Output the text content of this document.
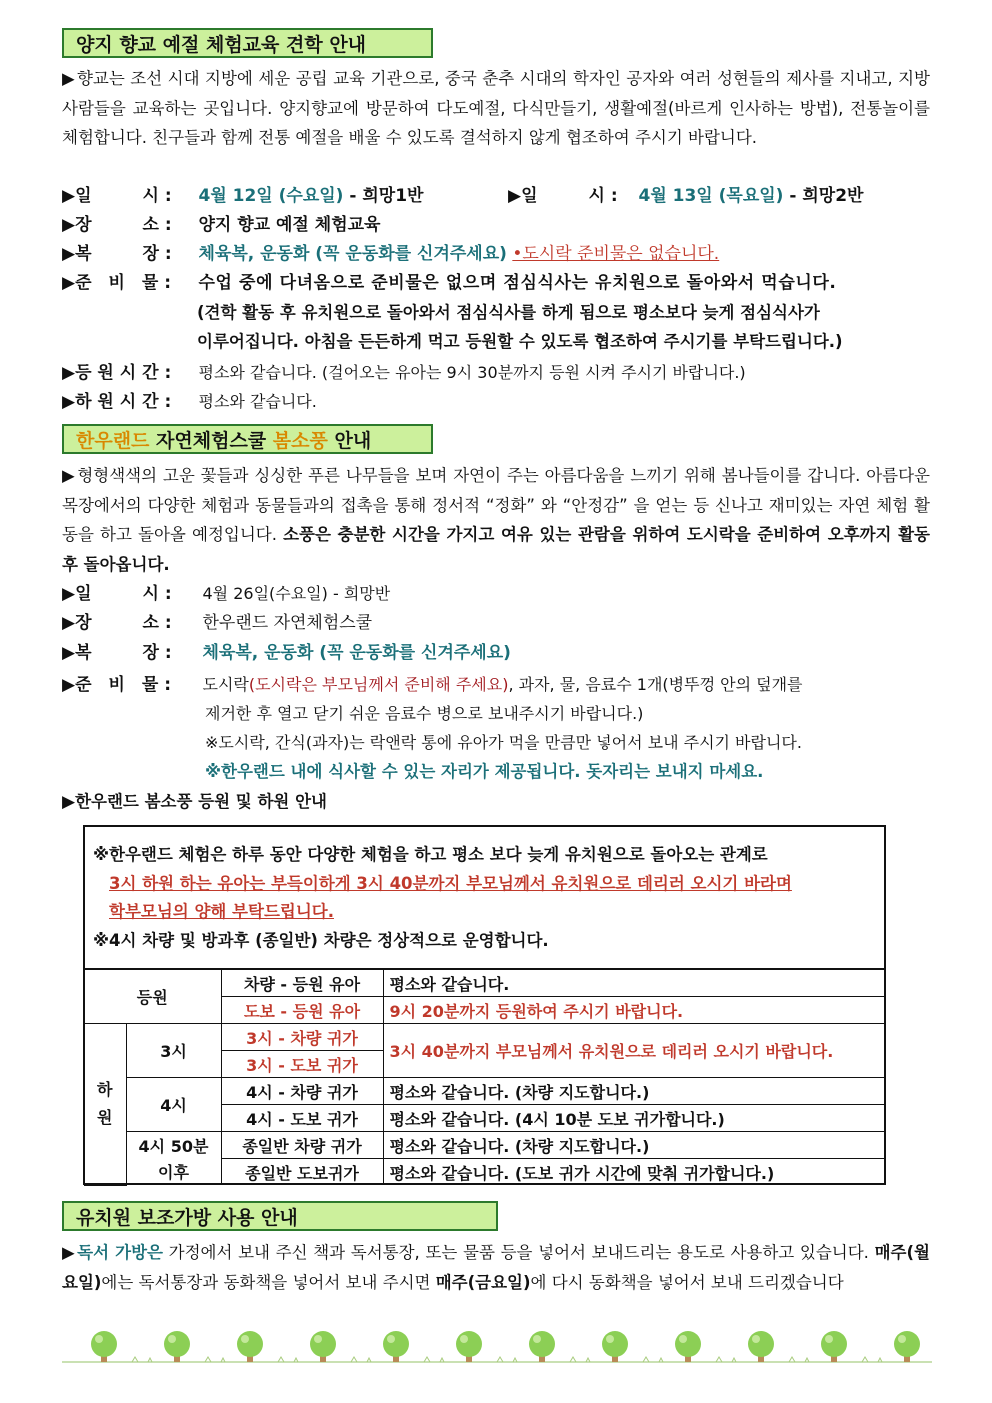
양지 향교 예절 체험교육 견학 안내
▶ 향교는 조선 시대 지방에 세운 공립 교육 기관으로, 중국 춘추 시대의 학자인 공자와 여러 성현들의 제사를 지내고, 지방 사람들을 교육하는 곳입니다. 양지향교에 방문하여 다도예절, 다식만들기, 생활예절(바르게 인사하는 방법), 전통놀이를 체험합니다. 친구들과 함께 전통 예절을 배울 수 있도록 결석하지 않게 협조하여 주시기 바랍니다.
▶일　　　시 : 4월 12일 (수요일) - 희망1반	▶일　　　시 : 4월 13일 (목요일) - 희망2반
▶장　　　소 : 양지 향교 예절 체험교육
▶복　　　장 : 체육복, 운동화 (꼭 운동화를 신겨주세요) •도시락 준비물은 없습니다.
▶준　비　물 : 수업 중에 다녀옴으로 준비물은 없으며 점심식사는 유치원으로 돌아와서 먹습니다.
(견학 활동 후 유치원으로 돌아와서 점심식사를 하게 됨으로 평소보다 늦게 점심식사가
이루어집니다. 아침을 든든하게 먹고 등원할 수 있도록 협조하여 주시기를 부탁드립니다.)
▶등 원 시 간 : 평소와 같습니다. (걸어오는 유아는 9시 30분까지 등원 시켜 주시기 바랍니다.)
▶하 원 시 간 : 평소와 같습니다.
한우랜드 자연체험스쿨 봄소풍 안내
▶ 형형색색의 고운 꽃들과 싱싱한 푸른 나무들을 보며 자연이 주는 아름다움을 느끼기 위해 봄나들이를 갑니다. 아름다운 목장에서의 다양한 체험과 동물들과의 접촉을 통해 정서적 “정화” 와 “안정감” 을 얻는 등 신나고 재미있는 자연 체험 활동을 하고 돌아올 예정입니다. 소풍은 충분한 시간을 가지고 여유 있는 관람을 위하여 도시락을 준비하여 오후까지 활동 후 돌아옵니다.
▶일　　　시 : 4월 26일(수요일) - 희망반
▶장　　　소 : 한우랜드 자연체험스쿨
▶복　　　장 : 체육복, 운동화 (꼭 운동화를 신겨주세요)
▶준　비　물 : 도시락(도시락은 부모님께서 준비해 주세요), 과자, 물, 음료수 1개(병뚜껑 안의 덮개를
제거한 후 열고 닫기 쉬운 음료수 병으로 보내주시기 바랍니다.)
※도시락, 간식(과자)는 락앤락 통에 유아가 먹을 만큼만 넣어서 보내 주시기 바랍니다.
※한우랜드 내에 식사할 수 있는 자리가 제공됩니다. 돗자리는 보내지 마세요.
▶한우랜드 봄소풍 등원 및 하원 안내
※한우랜드 체험은 하루 동안 다양한 체험을 하고 평소 보다 늦게 유치원으로 돌아오는 관계로
3시 하원 하는 유아는 부득이하게 3시 40분까지 부모님께서 유치원으로 데리러 오시기 바라며
학부모님의 양해 부탁드립니다.
※4시 차량 및 방과후 (종일반) 차량은 정상적으로 운영합니다.
등원		차량 - 등원 유아	평소와 같습니다.
		도보 - 등원 유아	9시 20분까지 등원하여 주시기 바랍니다.

하
원	3시	3시 - 차량 귀가	3시 40분까지 부모님께서 유치원으로 데리러 오시기 바랍니다.
		3시 - 도보 귀가	
	4시	4시 - 차량 귀가	평소와 같습니다. (차량 지도합니다.)
		4시 - 도보 귀가	평소와 같습니다. (4시 10분 도보 귀가합니다.)
	4시 50분	종일반 차량 귀가	평소와 같습니다. (차량 지도합니다.)
	이후	종일반 도보귀가	평소와 같습니다. (도보 귀가 시간에 맞춰 귀가합니다.)
유치원 보조가방 사용 안내
▶ 독서 가방은 가정에서 보내 주신 책과 독서통장, 또는 물품 등을 넣어서 보내드리는 용도로 사용하고 있습니다. 매주(월요일)에는 독서통장과 동화책을 넣어서 보내 주시면 매주(금요일)에 다시 동화책을 넣어서 보내 드리겠습니다
